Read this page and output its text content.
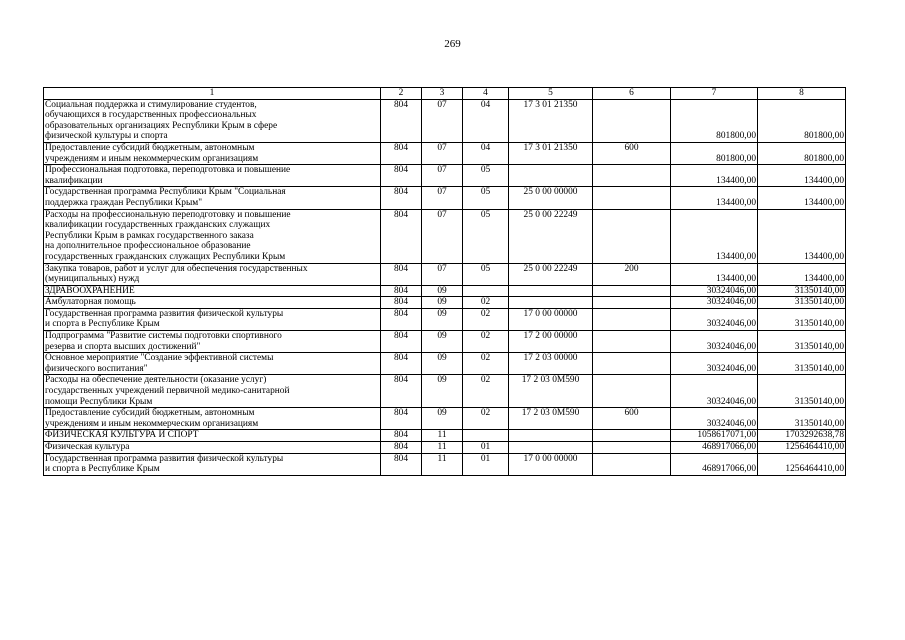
269
1	2	3	4	5	6	7	8

Социальная поддержка и стимулирование студентов,
обучающихся в государственных профессиональных
образовательных организациях Республики Крым в сфере
физической культуры и спорта	804	07	04	17 3 01 21350		801800,00	801800,00

Предоставление субсидий бюджетным, автономным
учреждениям и иным некоммерческим организациям	804	07	04	17 3 01 21350	600	801800,00	801800,00

Профессиональная подготовка, переподготовка и повышение
квалификации	804	07	05			134400,00	134400,00

Государственная программа Республики Крым "Социальная
поддержка граждан Республики Крым"	804	07	05	25 0 00 00000		134400,00	134400,00

Расходы на профессиональную переподготовку и повышение
квалификации государственных гражданских служащих
Республики Крым в рамках государственного заказа
на дополнительное профессиональное образование
государственных гражданских служащих Республики Крым	804	07	05	25 0 00 22249		134400,00	134400,00

Закупка товаров, работ и услуг для обеспечения государственных
(муниципальных) нужд	804	07	05	25 0 00 22249	200	134400,00	134400,00

ЗДРАВООХРАНЕНИЕ	804	09				30324046,00	31350140,00

Амбулаторная помощь	804	09	02			30324046,00	31350140,00

Государственная программа развития физической культуры
и спорта в Республике Крым	804	09	02	17 0 00 00000		30324046,00	31350140,00

Подпрограмма "Развитие системы подготовки спортивного
резерва и спорта высших достижений"	804	09	02	17 2 00 00000		30324046,00	31350140,00

Основное мероприятие "Создание эффективной системы
физического воспитания"	804	09	02	17 2 03 00000		30324046,00	31350140,00

Расходы на обеспечение деятельности (оказание услуг)
государственных учреждений первичной медико-санитарной
помощи Республики Крым	804	09	02	17 2 03 0М590		30324046,00	31350140,00

Предоставление субсидий бюджетным, автономным
учреждениям и иным некоммерческим организациям	804	09	02	17 2 03 0М590	600	30324046,00	31350140,00

ФИЗИЧЕСКАЯ КУЛЬТУРА И СПОРТ	804	11				1058617071,00	1703292638,78

Физическая культура	804	11	01			468917066,00	1256464410,00

Государственная программа развития физической культуры
и спорта в Республике Крым	804	11	01	17 0 00 00000		468917066,00	1256464410,00
